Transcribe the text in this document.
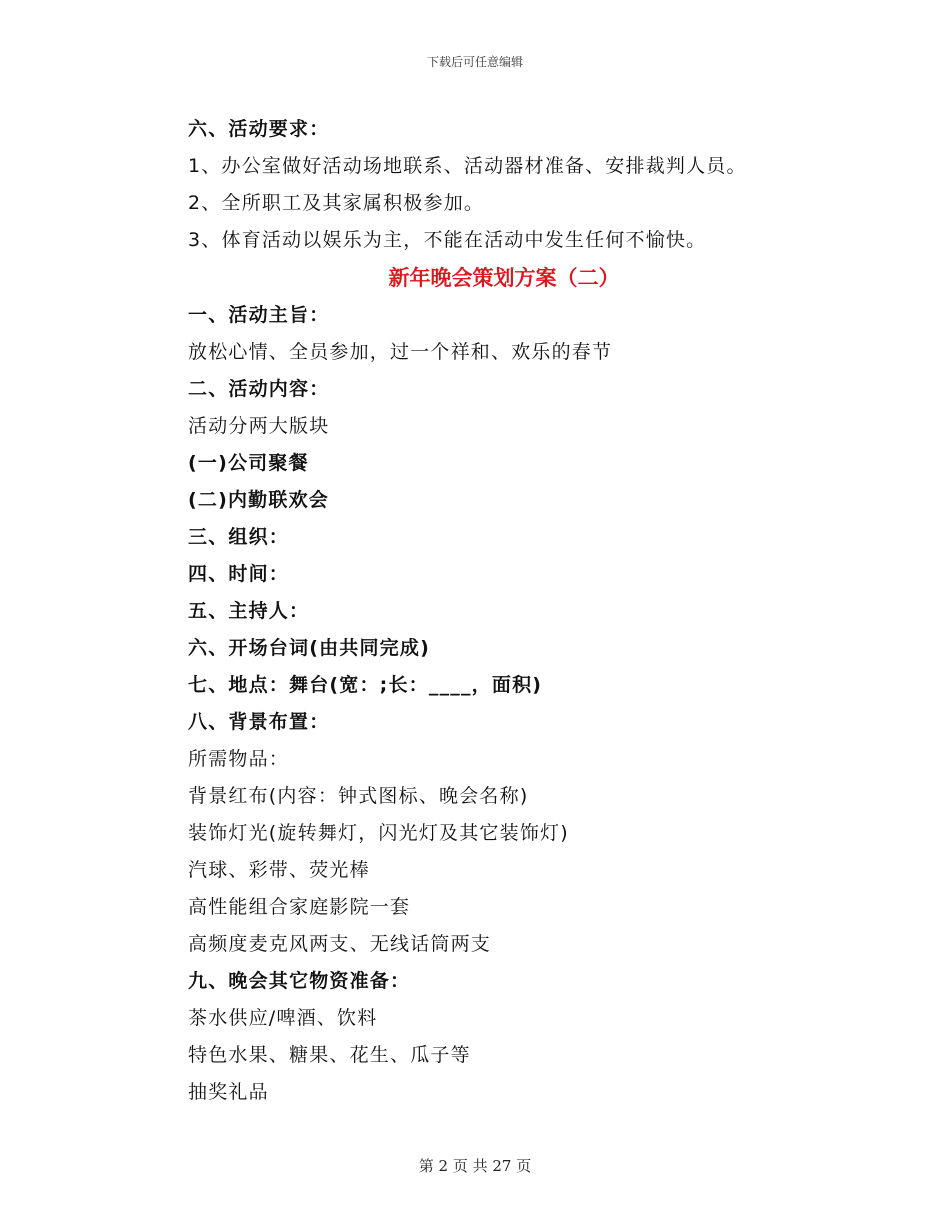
下载后可任意编辑
六、活动要求：
1、办公室做好活动场地联系、活动器材准备、安排裁判人员。
2、全所职工及其家属积极参加。
3、体育活动以娱乐为主，不能在活动中发生任何不愉快。
新年晚会策划方案（二）
一、活动主旨：
放松心情、全员参加，过一个祥和、欢乐的春节
二、活动内容：
活动分两大版块
(一)公司聚餐
(二)内勤联欢会
三、组织：
四、时间：
五、主持人：
六、开场台词(由共同完成)
七、地点：舞台(宽：;长：____，面积)
八、背景布置：
所需物品：
背景红布(内容：钟式图标、晚会名称)
装饰灯光(旋转舞灯，闪光灯及其它装饰灯)
汽球、彩带、荧光棒
高性能组合家庭影院一套
高频度麦克风两支、无线话筒两支
九、晚会其它物资准备：
茶水供应/啤酒、饮料
特色水果、糖果、花生、瓜子等
抽奖礼品
第 2 页 共 27 页
